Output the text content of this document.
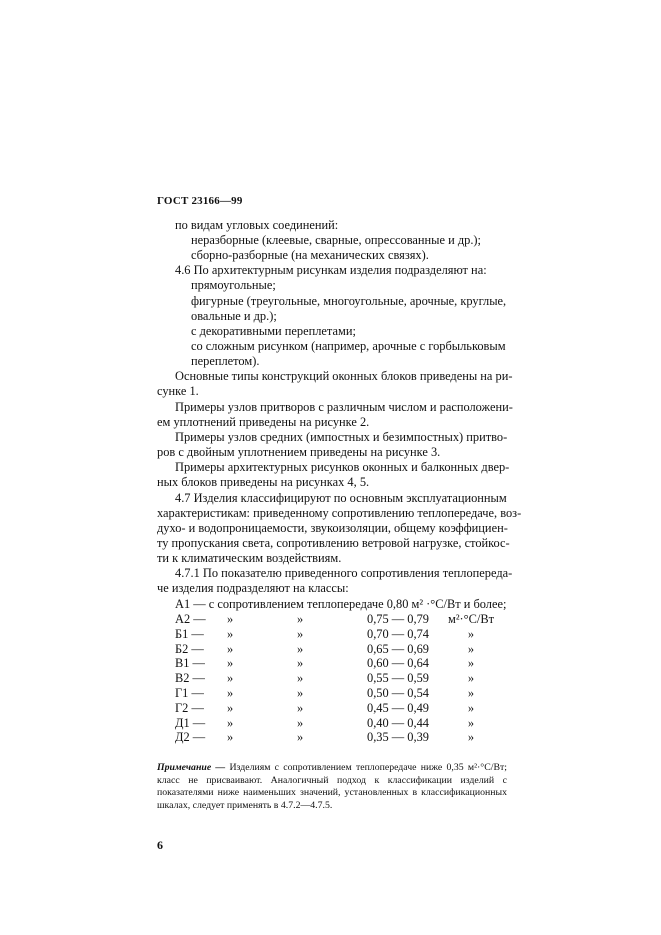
ГОСТ 23166—99
по видам угловых соединений:
неразборные (клеевые, сварные, опрессованные и др.);
сборно-разборные (на механических связях).
4.6 По архитектурным рисункам изделия подразделяют на:
прямоугольные;
фигурные (треугольные, многоугольные, арочные, круглые,
овальные и др.);
с декоративными переплетами;
со сложным рисунком (например, арочные с горбыльковым
переплетом).
Основные типы конструкций оконных блоков приведены на ри-
сунке 1.
Примеры узлов притворов с различным числом и расположени-
ем уплотнений приведены на рисунке 2.
Примеры узлов средних (импостных и безимпостных) притво-
ров с двойным уплотнением приведены на рисунке 3.
Примеры архитектурных рисунков оконных и балконных двер-
ных блоков приведены на рисунках 4, 5.
4.7 Изделия классифицируют по основным эксплуатационным
характеристикам: приведенному сопротивлению теплопередаче, воз-
духо- и водопроницаемости, звукоизоляции, общему коэффициен-
ту пропускания света, сопротивлению ветровой нагрузке, стойкос-
ти к климатическим воздействиям.
4.7.1 По показателю приведенного сопротивления теплопереда-
че изделия подразделяют на классы:
А1 — с сопротивлением теплопередаче 0,80 м² ·°С/Вт и более;
А2 —	»	»	0,75 — 0,79	м²·°С/Вт
Б1 —	»	»	0,70 — 0,74	»
Б2 —	»	»	0,65 — 0,69	»
В1 —	»	»	0,60 — 0,64	»
В2 —	»	»	0,55 — 0,59	»
Г1 —	»	»	0,50 — 0,54	»
Г2 —	»	»	0,45 — 0,49	»
Д1 —	»	»	0,40 — 0,44	»
Д2 —	»	»	0,35 — 0,39	»
Примечание — Изделиям с сопротивлением теплопередаче ниже 0,35 м²·°С/Вт; класс не присваивают. Аналогичный подход к классификации изделий с показателями ниже наименьших значений, установленных в классификационных шкалах, следует применять в 4.7.2—4.7.5.
6
